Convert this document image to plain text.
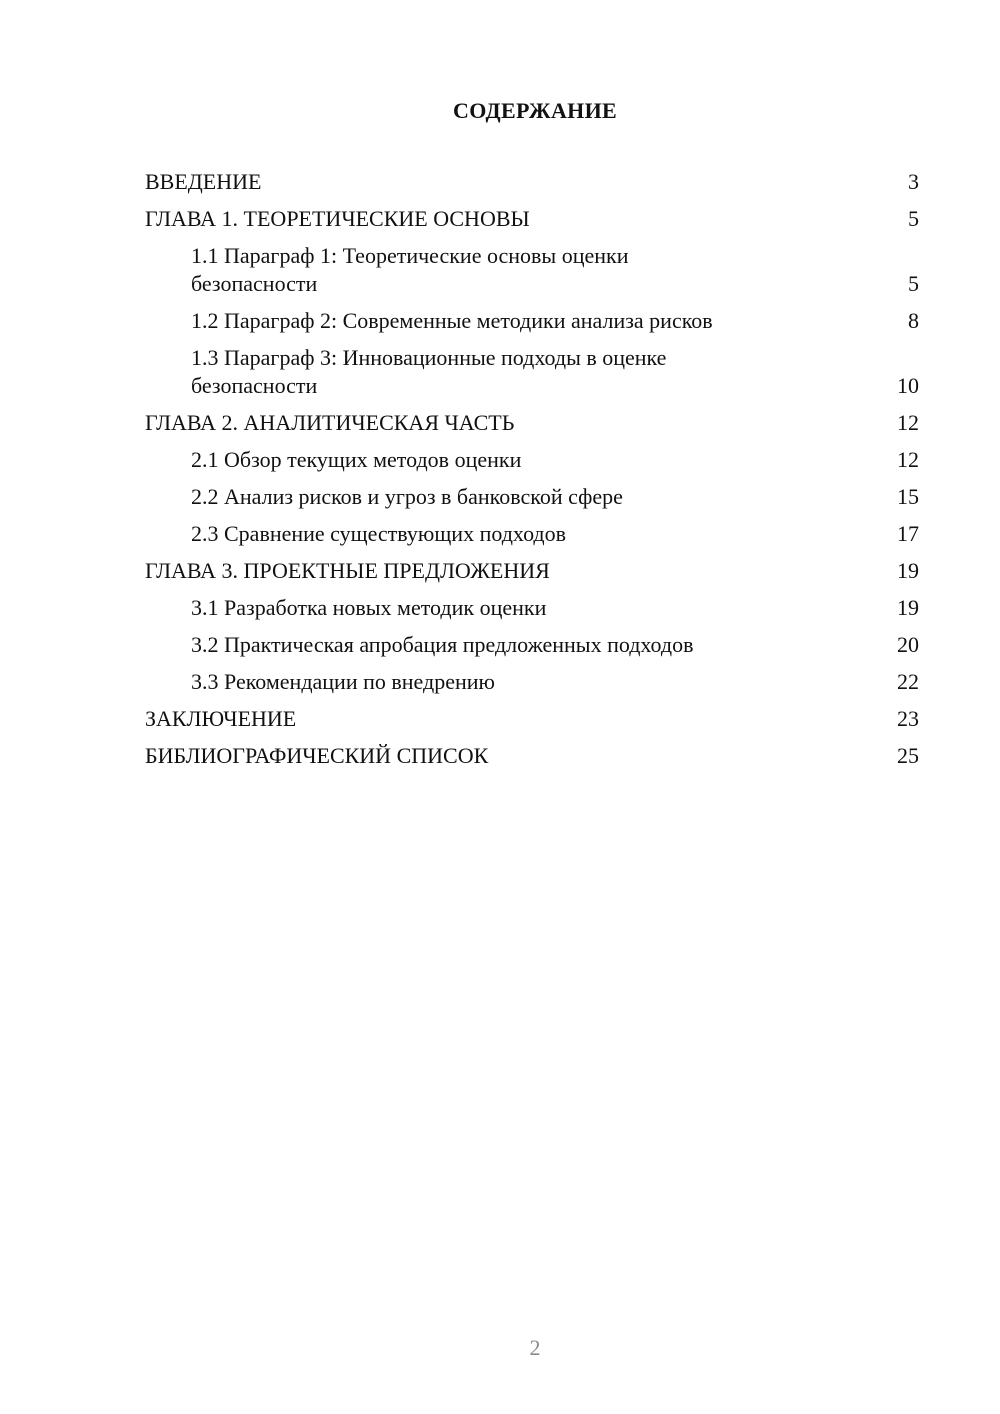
СОДЕРЖАНИЕ
ВВЕДЕНИЕ	3
ГЛАВА 1. ТЕОРЕТИЧЕСКИЕ ОСНОВЫ	5
1.1 Параграф 1: Теоретические основы оценки безопасности	5
1.2 Параграф 2: Современные методики анализа рисков	8
1.3 Параграф 3: Инновационные подходы в оценке безопасности	10
ГЛАВА 2. АНАЛИТИЧЕСКАЯ ЧАСТЬ	12
2.1 Обзор текущих методов оценки	12
2.2 Анализ рисков и угроз в банковской сфере	15
2.3 Сравнение существующих подходов	17
ГЛАВА 3. ПРОЕКТНЫЕ ПРЕДЛОЖЕНИЯ	19
3.1 Разработка новых методик оценки	19
3.2 Практическая апробация предложенных подходов	20
3.3 Рекомендации по внедрению	22
ЗАКЛЮЧЕНИЕ	23
БИБЛИОГРАФИЧЕСКИЙ СПИСОК	25
2
